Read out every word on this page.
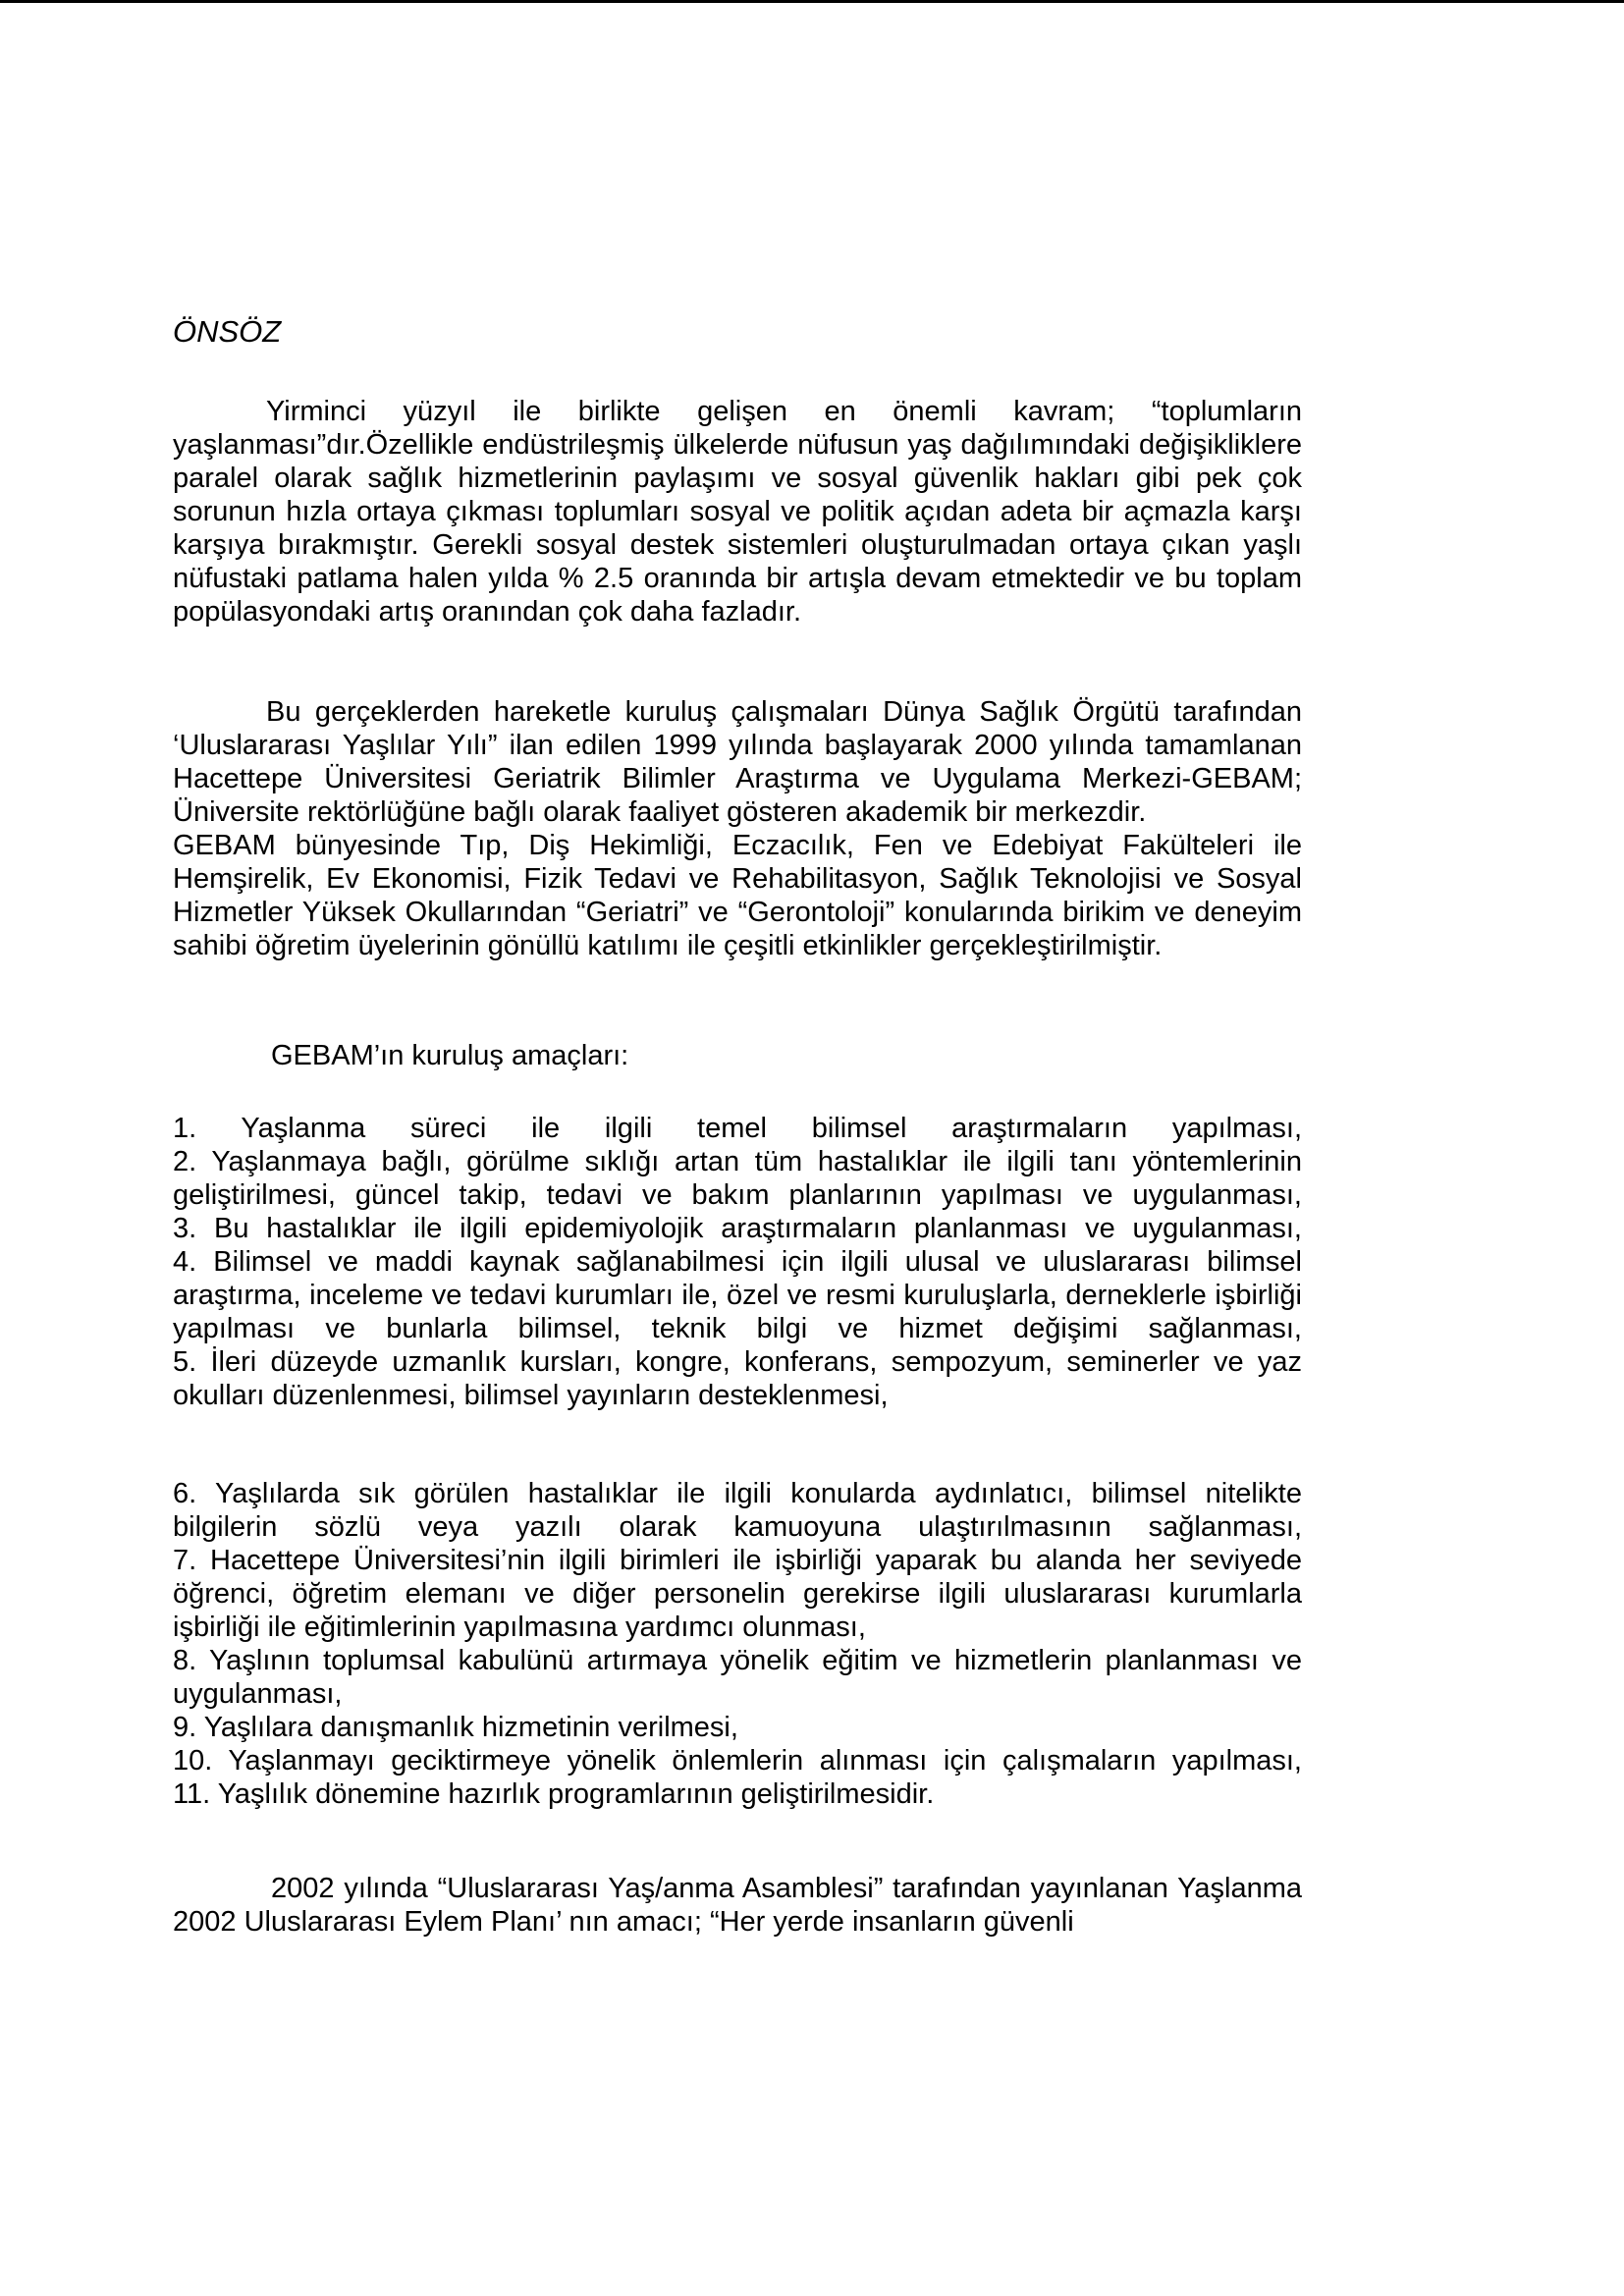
ÖNSÖZ

Yirminci yüzyıl ile birlikte gelişen en önemli kavram; “toplumların yaşlanması”dır.Özellikle endüstrileşmiş ülkelerde nüfusun yaş dağılımındaki değişikliklere paralel olarak sağlık hizmetlerinin paylaşımı ve sosyal güvenlik hakları gibi pek çok sorunun hızla ortaya çıkması toplumları sosyal ve politik açıdan adeta bir açmazla karşı karşıya bırakmıştır. Gerekli sosyal destek sistemleri oluşturulmadan ortaya çıkan yaşlı nüfustaki patlama halen yılda % 2.5 oranında bir artışla devam etmektedir ve bu toplam popülasyondaki artış oranından çok daha fazladır.

Bu gerçeklerden hareketle kuruluş çalışmaları Dünya Sağlık Örgütü tarafından ‘Uluslararası Yaşlılar Yılı” ilan edilen 1999 yılında başlayarak 2000 yılında tamamlanan Hacettepe Üniversitesi Geriatrik Bilimler Araştırma ve Uygulama Merkezi-GEBAM; Üniversite rektörlüğüne bağlı olarak faaliyet gösteren akademik bir merkezdir.

GEBAM bünyesinde Tıp, Diş Hekimliği, Eczacılık, Fen ve Edebiyat Fakülteleri ile Hemşirelik, Ev Ekonomisi, Fizik Tedavi ve Rehabilitasyon, Sağlık Teknolojisi ve Sosyal Hizmetler Yüksek Okullarından “Geriatri” ve “Gerontoloji” konularında birikim ve deneyim sahibi öğretim üyelerinin gönüllü katılımı ile çeşitli etkinlikler gerçekleştirilmiştir.

GEBAM’ın kuruluş amaçları:

1. Yaşlanma süreci ile ilgili temel bilimsel araştırmaların yapılması,

2. Yaşlanmaya bağlı, görülme sıklığı artan tüm hastalıklar ile ilgili tanı yöntemlerinin geliştirilmesi, güncel takip, tedavi ve bakım planlarının yapılması ve uygulanması,

3. Bu hastalıklar ile ilgili epidemiyolojik araştırmaların planlanması ve uygulanması,

4. Bilimsel ve maddi kaynak sağlanabilmesi için ilgili ulusal ve uluslararası bilimsel araştırma, inceleme ve tedavi kurumları ile, özel ve resmi kuruluşlarla, derneklerle işbirliği yapılması ve bunlarla bilimsel, teknik bilgi ve hizmet değişimi sağlanması,

5. İleri düzeyde uzmanlık kursları, kongre, konferans, sempozyum, seminerler ve yaz okulları düzenlenmesi, bilimsel yayınların desteklenmesi,

6. Yaşlılarda sık görülen hastalıklar ile ilgili konularda aydınlatıcı, bilimsel nitelikte bilgilerin sözlü veya yazılı olarak kamuoyuna ulaştırılmasının sağlanması,

7. Hacettepe Üniversitesi’nin ilgili birimleri ile işbirliği yaparak bu alanda her seviyede öğrenci, öğretim elemanı ve diğer personelin gerekirse ilgili uluslararası kurumlarla işbirliği ile eğitimlerinin yapılmasına yardımcı olunması,

8. Yaşlının toplumsal kabulünü artırmaya yönelik eğitim ve hizmetlerin planlanması ve uygulanması,

9. Yaşlılara danışmanlık hizmetinin verilmesi,

10. Yaşlanmayı geciktirmeye yönelik önlemlerin alınması için çalışmaların yapılması,

11. Yaşlılık dönemine hazırlık programlarının geliştirilmesidir.

2002 yılında “Uluslararası Yaş/anma Asamblesi” tarafından yayınlanan Yaşlanma 2002 Uluslararası Eylem Planı’ nın amacı; “Her yerde insanların güvenli
